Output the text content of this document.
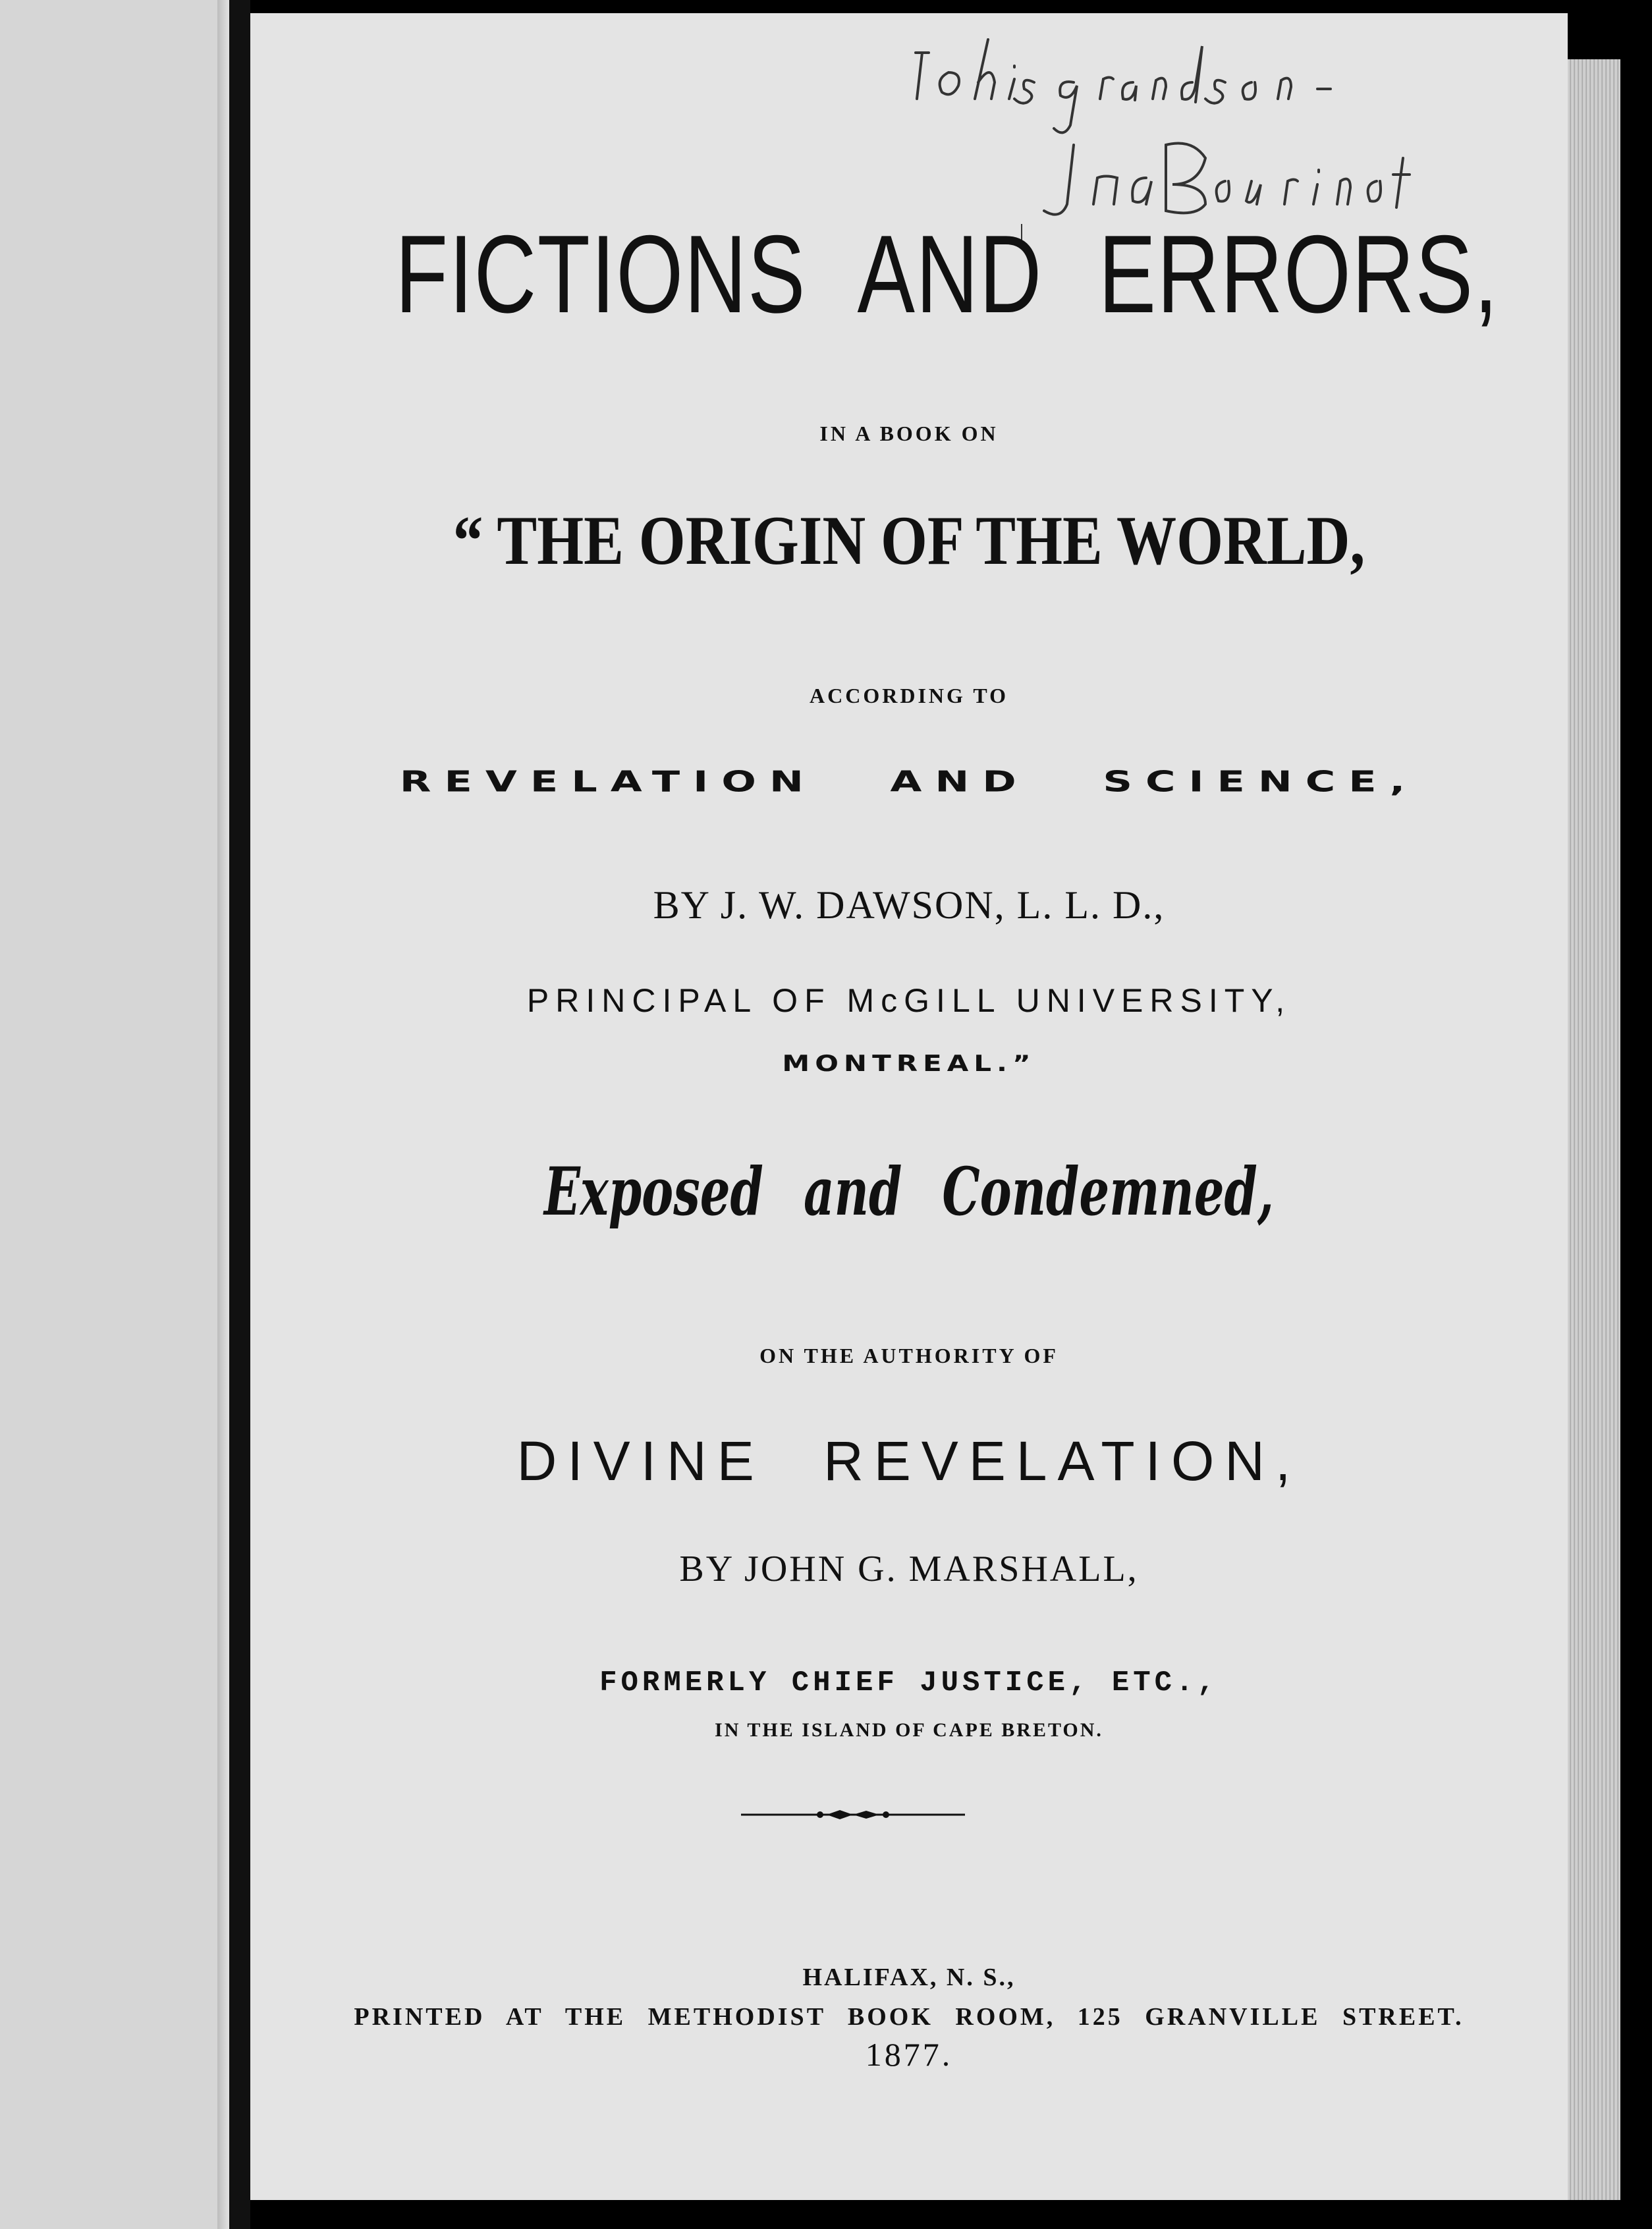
FICTIONS AND ERRORS,

IN A BOOK ON

“ THE ORIGIN OF THE WORLD,

ACCORDING TO

REVELATION AND SCIENCE,

BY J. W. DAWSON, L. L. D.,

PRINCIPAL OF McGILL UNIVERSITY,

MONTREAL.”

Exposed and Condemned,

ON THE AUTHORITY OF

DIVINE REVELATION,

BY JOHN G. MARSHALL,

FORMERLY CHIEF JUSTICE, ETC.,

IN THE ISLAND OF CAPE BRETON.

HALIFAX, N. S.,

PRINTED AT THE METHODIST BOOK ROOM, 125 GRANVILLE STREET.

1877.
